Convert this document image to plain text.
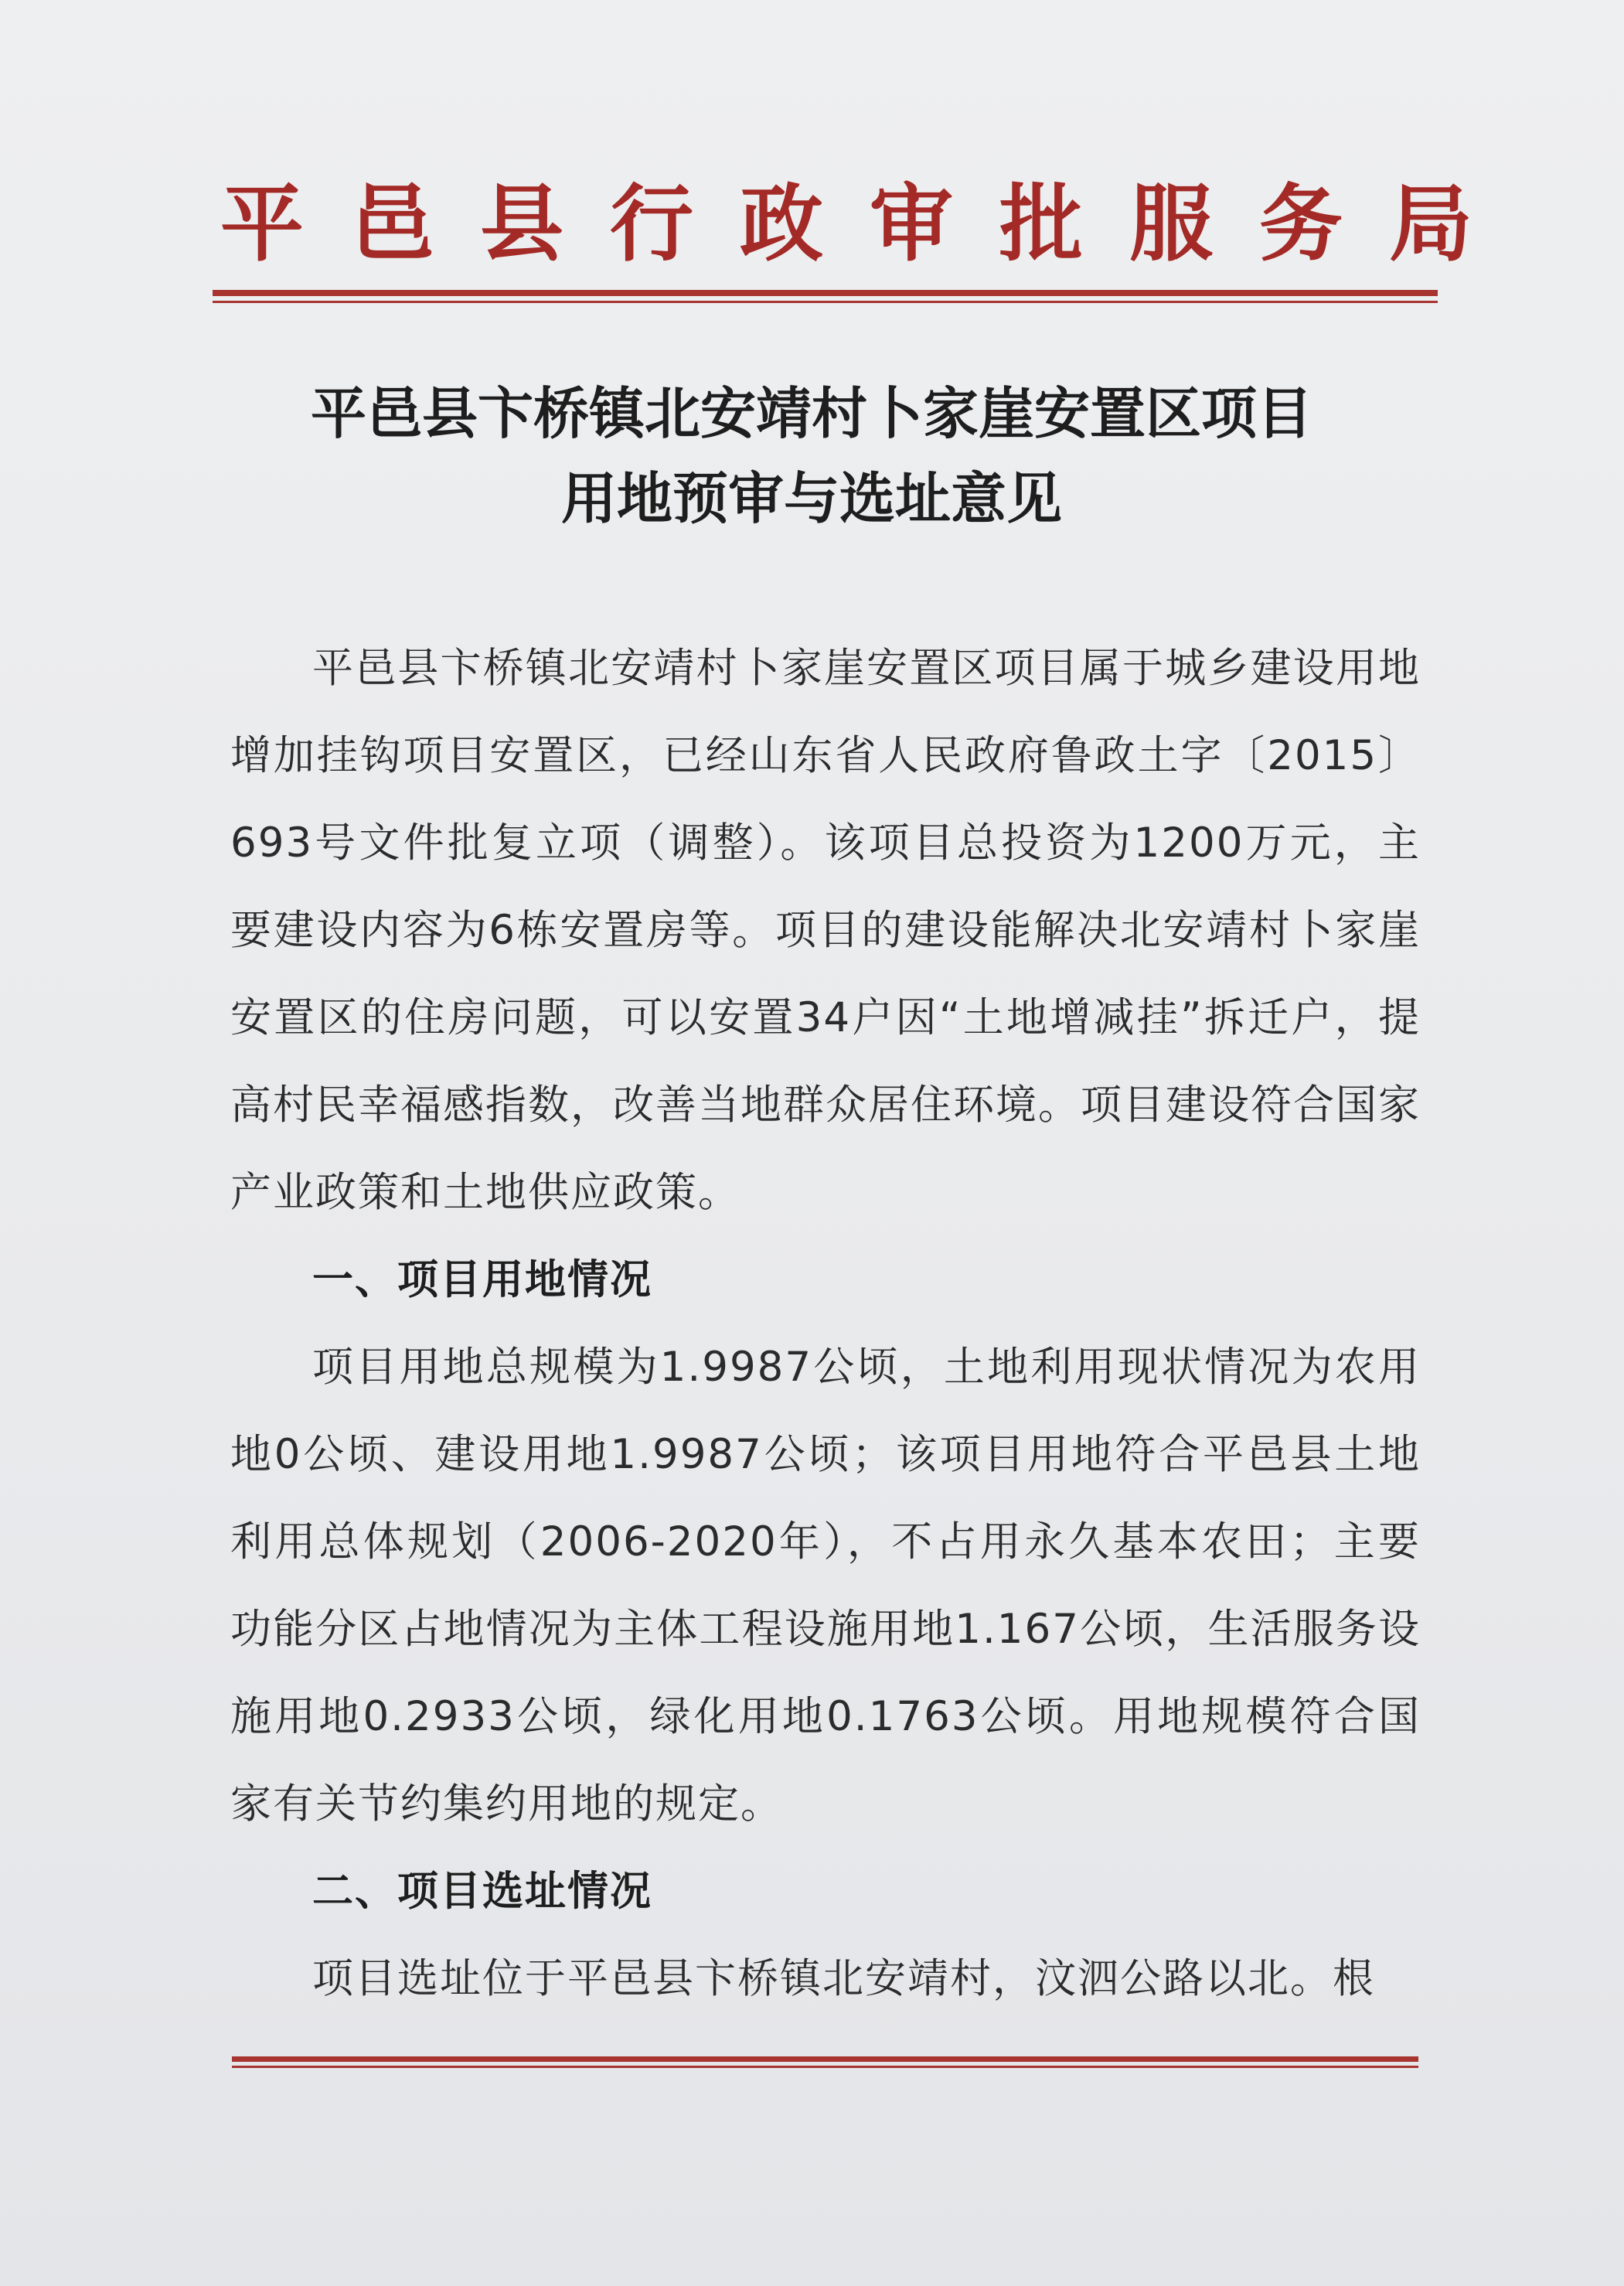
平邑县行政审批服务局
平邑县卞桥镇北安靖村卜家崖安置区项目
用地预审与选址意见

平邑县卞桥镇北安靖村卜家崖安置区项目属于城乡建设用地增加挂钩项目安置区，已经山东省人民政府鲁政土字〔2015〕693号文件批复立项（调整）。该项目总投资为1200万元，主要建设内容为6栋安置房等。项目的建设能解决北安靖村卜家崖安置区的住房问题，可以安置34户因“土地增减挂”拆迁户，提高村民幸福感指数，改善当地群众居住环境。项目建设符合国家产业政策和土地供应政策。

一、项目用地情况

项目用地总规模为1.9987公顷，土地利用现状情况为农用地0公顷、建设用地1.9987公顷；该项目用地符合平邑县土地利用总体规划（2006-2020年），不占用永久基本农田；主要功能分区占地情况为主体工程设施用地1.167公顷，生活服务设施用地0.2933公顷，绿化用地0.1763公顷。用地规模符合国家有关节约集约用地的规定。

二、项目选址情况

项目选址位于平邑县卞桥镇北安靖村，汶泗公路以北。根
